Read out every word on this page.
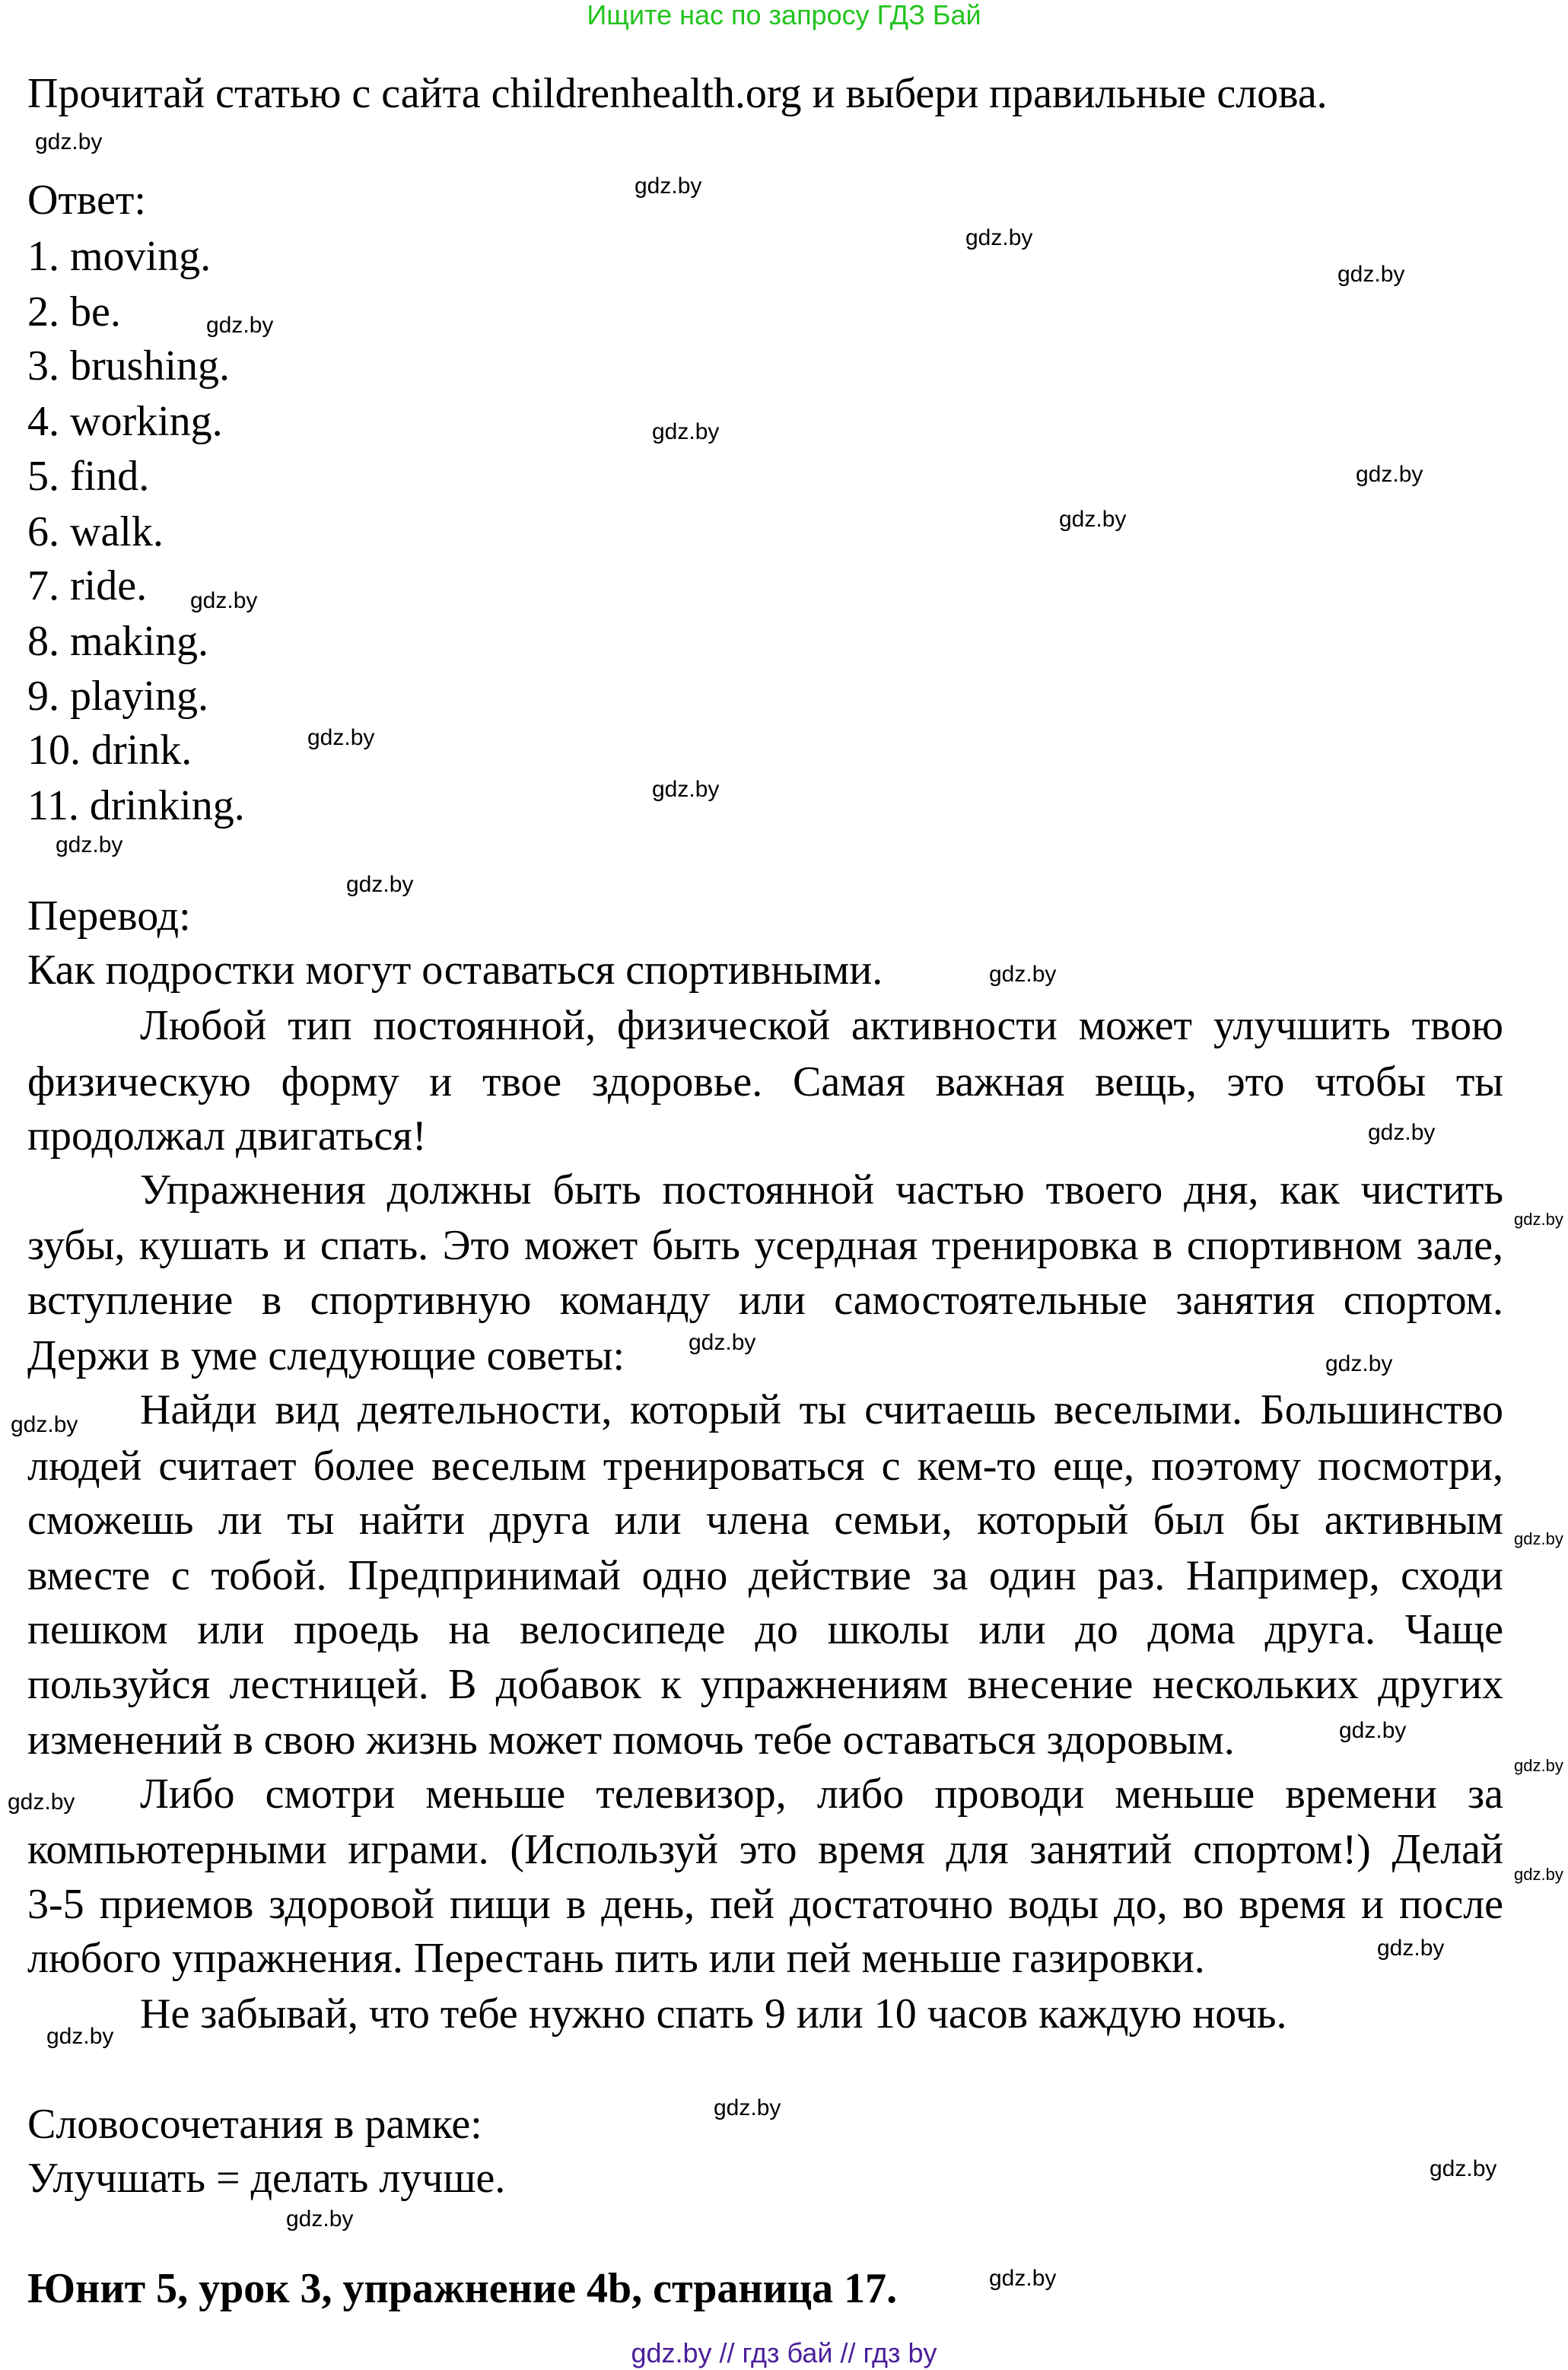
Ищите нас по запросу ГДЗ Бай
Прочитай статью с сайта childrenhealth.org и выбери правильные слова.
Ответ:
1. moving.
2. be.
3. brushing.
4. working.
5. find.
6. walk.
7. ride.
8. making.
9. playing.
10. drink.
11. drinking.
Перевод:
Как подростки могут оставаться спортивными.
Любой тип постоянной, физической активности может улучшить твою
физическую форму и твое здоровье. Самая важная вещь, это чтобы ты
продолжал двигаться!
Упражнения должны быть постоянной частью твоего дня, как чистить
зубы, кушать и спать. Это может быть усердная тренировка в спортивном зале,
вступление в спортивную команду или самостоятельные занятия спортом.
Держи в уме следующие советы:
Найди вид деятельности, который ты считаешь веселыми. Большинство
людей считает более веселым тренироваться с кем-то еще, поэтому посмотри,
сможешь ли ты найти друга или члена семьи, который был бы активным
вместе с тобой. Предпринимай одно действие за один раз. Например, сходи
пешком или проедь на велосипеде до школы или до дома друга. Чаще
пользуйся лестницей. В добавок к упражнениям внесение нескольких других
изменений в свою жизнь может помочь тебе оставаться здоровым.
Либо смотри меньше телевизор, либо проводи меньше времени за
компьютерными играми. (Используй это время для занятий спортом!) Делай
3-5 приемов здоровой пищи в день, пей достаточно воды до, во время и после
любого упражнения. Перестань пить или пей меньше газировки.
Не забывай, что тебе нужно спать 9 или 10 часов каждую ночь.
Словосочетания в рамке:
Улучшать = делать лучше.
Юнит 5, урок 3, упражнение 4b, страница 17.
gdz.by
gdz.by
gdz.by
gdz.by
gdz.by
gdz.by
gdz.by
gdz.by
gdz.by
gdz.by
gdz.by
gdz.by
gdz.by
gdz.by
gdz.by
gdz.by
gdz.by
gdz.by
gdz.by
gdz.by
gdz.by
gdz.by
gdz.by
gdz.by
gdz.by
gdz.by
gdz.by
gdz.by
gdz.by
gdz.by
gdz.by // гдз бай // гдз by
